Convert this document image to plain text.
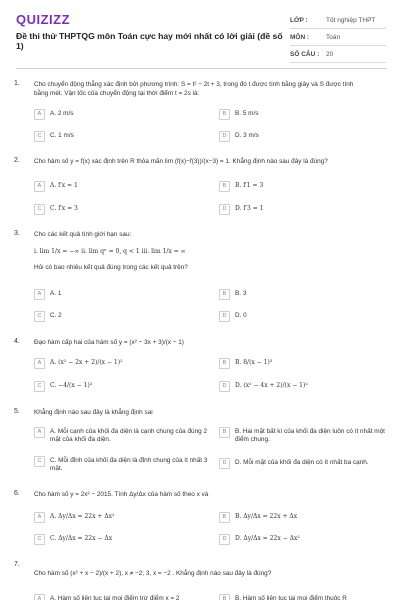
QUIZIZZ
Đề thi thử THPTQG môn Toán cực hay mới nhất có lời giải (đề số 1)
LỚP :	Tốt nghiệp THPT
MÔN :	Toán
SỐ CÂU :	20
1. Cho chuyển động thẳng xác định bởi phương trình: S = t² − 2t + 3, trong đó t được tính bằng giây và S được tính
bằng mét. Vận tốc của chuyển động tại thời điểm t = 2s là:
A	A. 2 m/s	B	B. 5 m/s
C	C. 1 m/s	D	D. 3 m/s
2. Cho hàm số y = f(x) xác định trên R thỏa mãn lim (f(x)−f(3))/(x−3) = 1. Khẳng định nào sau đây là đúng?
A	A. f′x = 1	B	B. f′1 = 3
C	C. f′x = 3	D	D. f′3 = 1
3. Cho các kết quả tính giới hạn sau:
i. lim 1/x = −∞ ii. lim qⁿ = 0, q < 1 iii. lim 1/x = ∞
Hỏi có bao nhiêu kết quả đúng trong các kết quả trên?
A	A. 1	B	B. 3
C	C. 2	D	D. 0
4. Đạo hàm cấp hai của hàm số y = (x² − 3x + 3)/(x − 1)
A	A. (x² − 2x + 2)/(x − 1)²	B	B. 8/(x − 1)³
C	C. −4/(x − 1)³	D	D. (x² − 4x + 2)/(x − 1)²
5. Khẳng định nào sau đây là khẳng định sai
A	A. Mỗi cạnh của khối đa diện là cạnh chung của đúng 2 mặt của khối đa diện.
B	B. Hai mặt bất kì của khối đa diện luôn có ít nhất một điểm chung.
C	C. Mỗi đỉnh của khối đa diện là đỉnh chung của ít nhất 3 mặt.
D	D. Mỗi mặt của khối đa diện có ít nhất ba cạnh.
6. Cho hàm số y = 2x² − 2015. Tính Δy/Δx của hàm số theo x và
A	A. Δy/Δx = 22x + Δx²	B	B. Δy/Δx = 22x + Δx
C	C. Δy/Δx = 22x − Δx	D	D. Δy/Δx = 22x − Δx²
7.
Cho hàm số (x² + x − 2)/(x + 2), x ≠ −2; 3, x = −2 . Khẳng định nào sau đây là đúng?
A	A. Hàm số liên tục tại mọi điểm trừ điểm x = 2	B	B. Hàm số liên tục tại mọi điểm thuộc R
